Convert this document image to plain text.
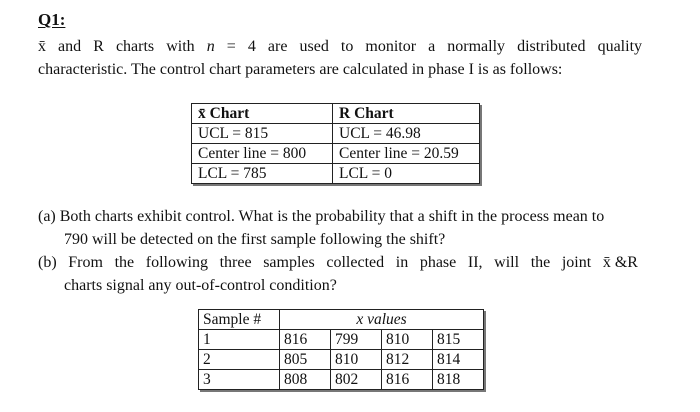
Q1:
x̄ and R charts with n = 4 are used to monitor a normally distributed quality
characteristic. The control chart parameters are calculated in phase I is as follows:
x̄ Chart	R Chart
UCL = 815	UCL = 46.98
Center line = 800	Center line = 20.59
LCL = 785	LCL = 0
(a) Both charts exhibit control. What is the probability that a shift in the process mean to
790 will be detected on the first sample following the shift?
(b) From the following three samples collected in phase II, will the joint x̄ &R
charts signal any out-of-control condition?
Sample #	x values			
1	816	799	810	815
2	805	810	812	814
3	808	802	816	818
